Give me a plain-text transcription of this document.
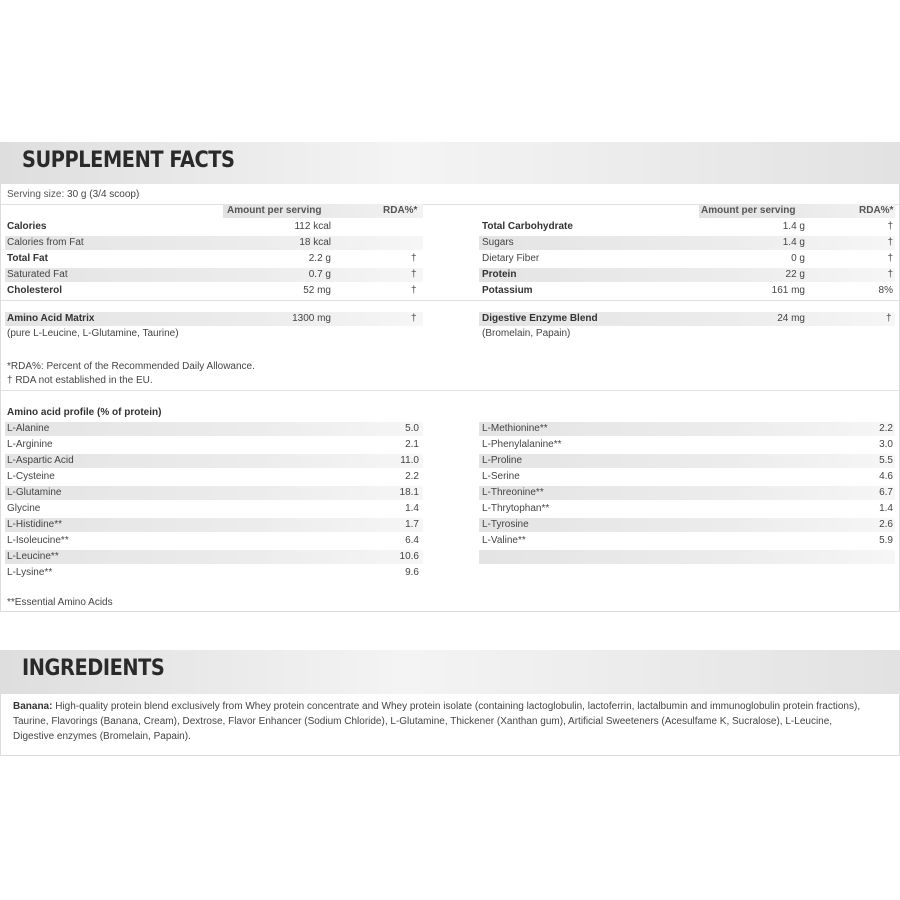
SUPPLEMENT FACTS
Serving size: 30 g (3/4 scoop)
Amount per serving	RDA%*	Amount per serving	RDA%*
Calories	112 kcal
Calories from Fat	18 kcal
Total Fat	2.2 g	†
Saturated Fat	0.7 g	†
Cholesterol	52 mg	†
Total Carbohydrate	1.4 g	†
Sugars	1.4 g	†
Dietary Fiber	0 g	†
Protein	22 g	†
Potassium	161 mg	8%
Amino Acid Matrix	1300 mg	†
(pure L-Leucine, L-Glutamine, Taurine)
Digestive Enzyme Blend	24 mg	†
(Bromelain, Papain)
*RDA%: Percent of the Recommended Daily Allowance.
† RDA not established in the EU.
Amino acid profile (% of protein)
L-Alanine	5.0
L-Arginine	2.1
L-Aspartic Acid	11.0
L-Cysteine	2.2
L-Glutamine	18.1
Glycine	1.4
L-Histidine**	1.7
L-Isoleucine**	6.4
L-Leucine**	10.6
L-Lysine**	9.6
L-Methionine**	2.2
L-Phenylalanine**	3.0
L-Proline	5.5
L-Serine	4.6
L-Threonine**	6.7
L-Thrytophan**	1.4
L-Tyrosine	2.6
L-Valine**	5.9
**Essential Amino Acids
INGREDIENTS
Banana: High-quality protein blend exclusively from Whey protein concentrate and Whey protein isolate (containing lactoglobulin, lactoferrin, lactalbumin and immunoglobulin protein fractions), Taurine, Flavorings (Banana, Cream), Dextrose, Flavor Enhancer (Sodium Chloride), L-Glutamine, Thickener (Xanthan gum), Artificial Sweeteners (Acesulfame K, Sucralose), L-Leucine, Digestive enzymes (Bromelain, Papain).
